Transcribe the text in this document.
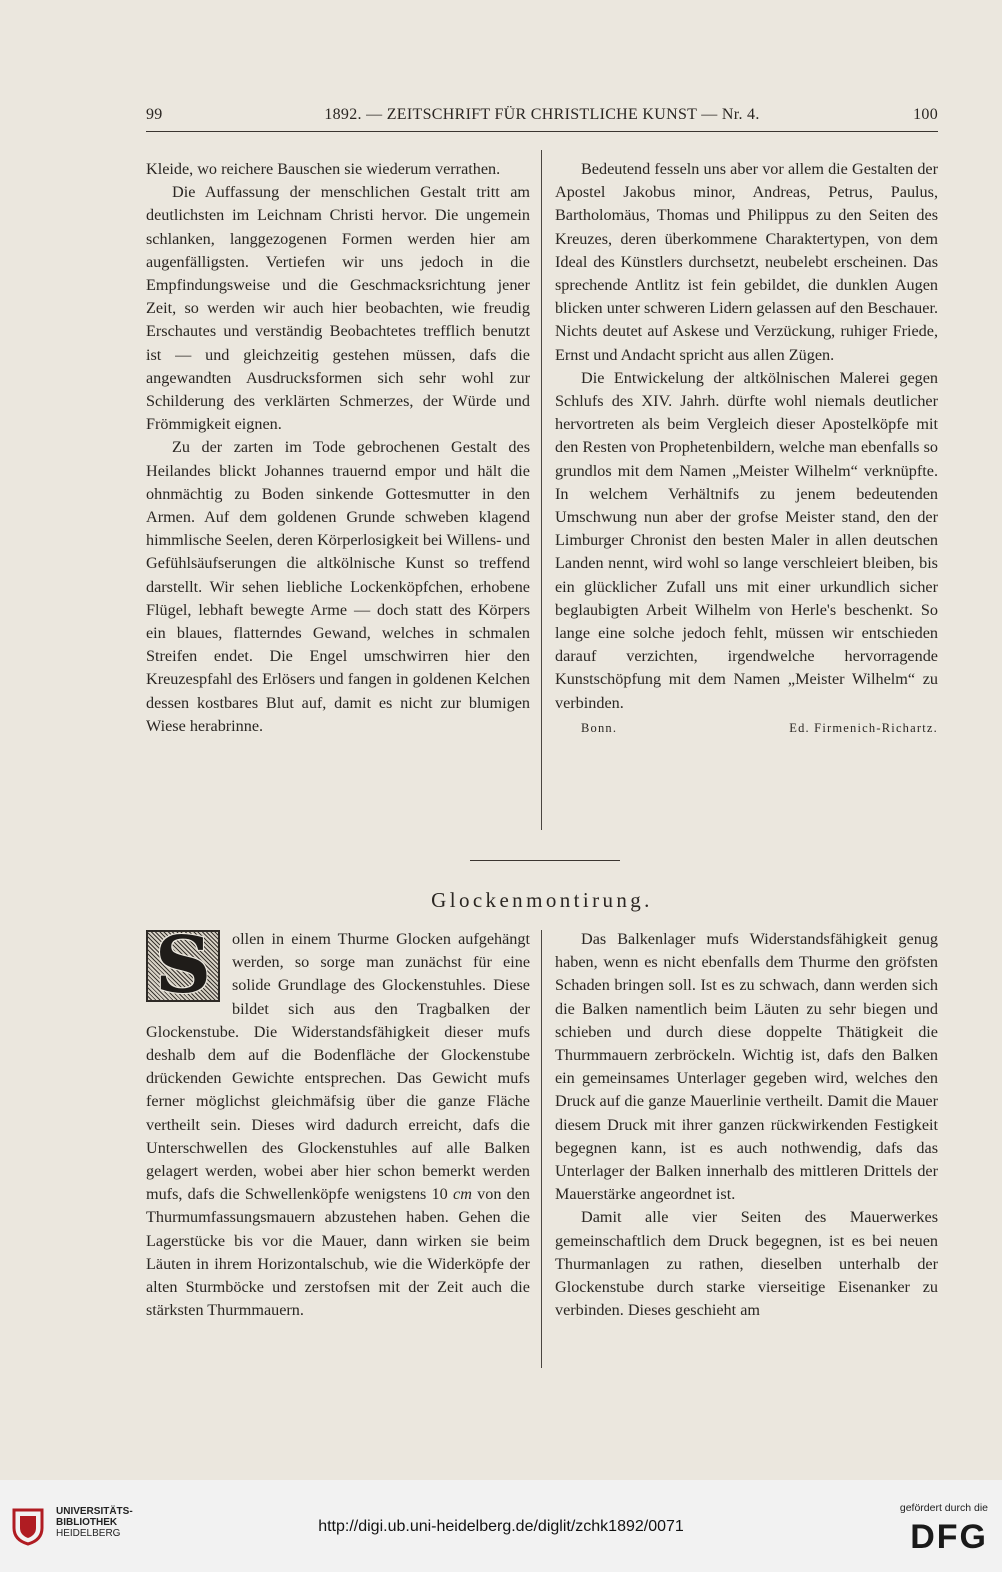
99	1892. — ZEITSCHRIFT FÜR CHRISTLICHE KUNST — Nr. 4.	100

Kleide, wo reichere Bauschen sie wiederum verrathen.

Die Auffassung der menschlichen Gestalt tritt am deutlichsten im Leichnam Christi hervor. Die ungemein schlanken, langgezogenen Formen werden hier am augenfälligsten. Vertiefen wir uns jedoch in die Empfindungsweise und die Geschmacksrichtung jener Zeit, so werden wir auch hier beobachten, wie freudig Erschautes und verständig Beobachtetes trefflich benutzt ist — und gleichzeitig gestehen müssen, dafs die angewandten Ausdrucksformen sich sehr wohl zur Schilderung des verklärten Schmerzes, der Würde und Frömmigkeit eignen.

Zu der zarten im Tode gebrochenen Gestalt des Heilandes blickt Johannes trauernd empor und hält die ohnmächtig zu Boden sinkende Gottesmutter in den Armen. Auf dem goldenen Grunde schweben klagend himmlische Seelen, deren Körperlosigkeit bei Willens- und Gefühlsäufserungen die altkölnische Kunst so treffend darstellt. Wir sehen liebliche Lockenköpfchen, erhobene Flügel, lebhaft bewegte Arme — doch statt des Körpers ein blaues, flatterndes Gewand, welches in schmalen Streifen endet. Die Engel umschwirren hier den Kreuzespfahl des Erlösers und fangen in goldenen Kelchen dessen kostbares Blut auf, damit es nicht zur blumigen Wiese herabrinne.

Bedeutend fesseln uns aber vor allem die Gestalten der Apostel Jakobus minor, Andreas, Petrus, Paulus, Bartholomäus, Thomas und Philippus zu den Seiten des Kreuzes, deren überkommene Charaktertypen, von dem Ideal des Künstlers durchsetzt, neubelebt erscheinen. Das sprechende Antlitz ist fein gebildet, die dunklen Augen blicken unter schweren Lidern gelassen auf den Beschauer. Nichts deutet auf Askese und Verzückung, ruhiger Friede, Ernst und Andacht spricht aus allen Zügen.

Die Entwickelung der altkölnischen Malerei gegen Schlufs des XIV. Jahrh. dürfte wohl niemals deutlicher hervortreten als beim Vergleich dieser Apostelköpfe mit den Resten von Prophetenbildern, welche man ebenfalls so grundlos mit dem Namen „Meister Wilhelm“ verknüpfte. In welchem Verhältnifs zu jenem bedeutenden Umschwung nun aber der grofse Meister stand, den der Limburger Chronist den besten Maler in allen deutschen Landen nennt, wird wohl so lange verschleiert bleiben, bis ein glücklicher Zufall uns mit einer urkundlich sicher beglaubigten Arbeit Wilhelm von Herle's beschenkt. So lange eine solche jedoch fehlt, müssen wir entschieden darauf verzichten, irgendwelche hervorragende Kunstschöpfung mit dem Namen „Meister Wilhelm“ zu verbinden.

Bonn.	Ed. Firmenich-Richartz.
Glockenmontirung.

S ollen in einem Thurme Glocken aufgehängt werden, so sorge man zunächst für eine solide Grundlage des Glockenstuhles. Diese bildet sich aus den Tragbalken der Glockenstube. Die Widerstandsfähigkeit dieser mufs deshalb dem auf die Bodenfläche der Glockenstube drückenden Gewichte entsprechen. Das Gewicht mufs ferner möglichst gleichmäfsig über die ganze Fläche vertheilt sein. Dieses wird dadurch erreicht, dafs die Unterschwellen des Glockenstuhles auf alle Balken gelagert werden, wobei aber hier schon bemerkt werden mufs, dafs die Schwellenköpfe wenigstens 10 cm von den Thurmumfassungsmauern abzustehen haben. Gehen die Lagerstücke bis vor die Mauer, dann wirken sie beim Läuten in ihrem Horizontalschub, wie die Widerköpfe der alten Sturmböcke und zerstofsen mit der Zeit auch die stärksten Thurmmauern.

Das Balkenlager mufs Widerstandsfähigkeit genug haben, wenn es nicht ebenfalls dem Thurme den gröfsten Schaden bringen soll. Ist es zu schwach, dann werden sich die Balken namentlich beim Läuten zu sehr biegen und schieben und durch diese doppelte Thätigkeit die Thurmmauern zerbröckeln. Wichtig ist, dafs den Balken ein gemeinsames Unterlager gegeben wird, welches den Druck auf die ganze Mauerlinie vertheilt. Damit die Mauer diesem Druck mit ihrer ganzen rückwirkenden Festigkeit begegnen kann, ist es auch nothwendig, dafs das Unterlager der Balken innerhalb des mittleren Drittels der Mauerstärke angeordnet ist.

Damit alle vier Seiten des Mauerwerkes gemeinschaftlich dem Druck begegnen, ist es bei neuen Thurmanlagen zu rathen, dieselben unterhalb der Glockenstube durch starke vierseitige Eisenanker zu verbinden. Dieses geschieht am

UNIVERSITÄTS-
BIBLIOTHEK
HEIDELBERG	http://digi.ub.uni-heidelberg.de/diglit/zchk1892/0071
gefördert durch die
DFG
